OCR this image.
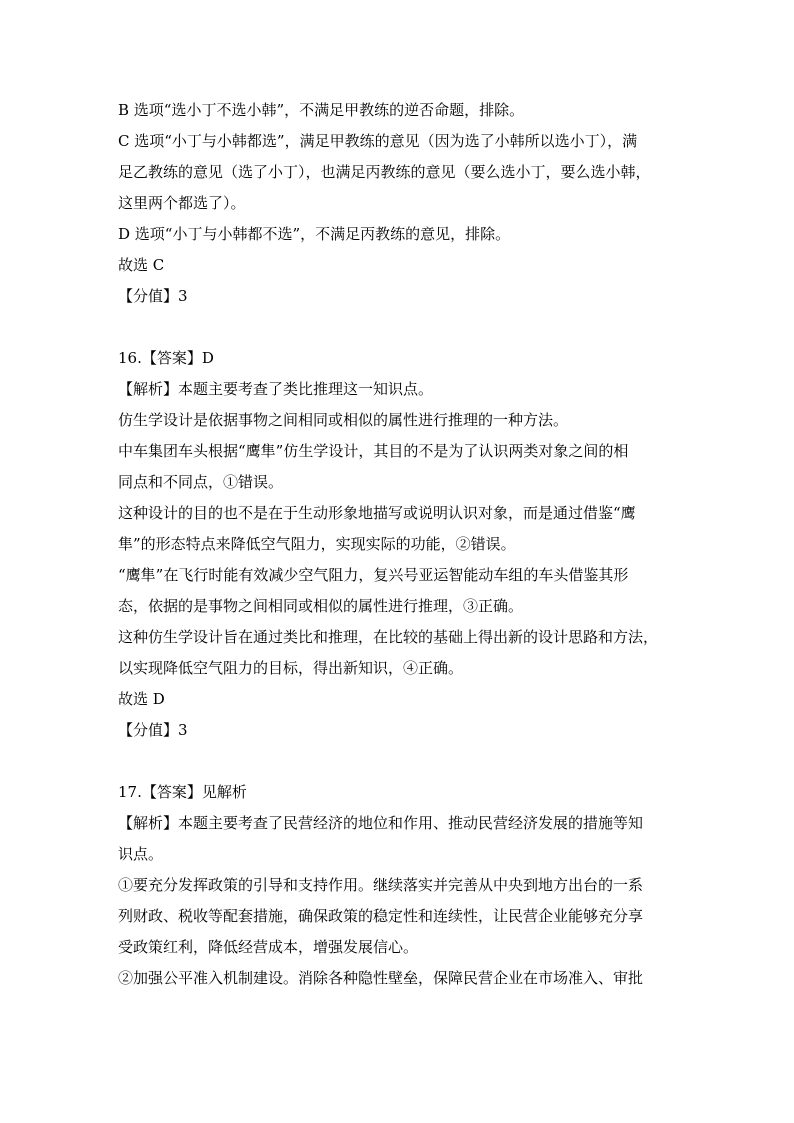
B 选项“选小丁不选小韩”，不满足甲教练的逆否命题，排除。
C 选项“小丁与小韩都选”，满足甲教练的意见（因为选了小韩所以选小丁），满
足乙教练的意见（选了小丁），也满足丙教练的意见（要么选小丁，要么选小韩，
这里两个都选了）。
D 选项“小丁与小韩都不选”，不满足丙教练的意见，排除。
故选 C
【分值】3
16.【答案】D
【解析】本题主要考查了类比推理这一知识点。
仿生学设计是依据事物之间相同或相似的属性进行推理的一种方法。
中车集团车头根据“鹰隼”仿生学设计，其目的不是为了认识两类对象之间的相
同点和不同点，①错误。
这种设计的目的也不是在于生动形象地描写或说明认识对象，而是通过借鉴“鹰
隼”的形态特点来降低空气阻力，实现实际的功能，②错误。
“鹰隼”在飞行时能有效减少空气阻力，复兴号亚运智能动车组的车头借鉴其形
态，依据的是事物之间相同或相似的属性进行推理，③正确。
这种仿生学设计旨在通过类比和推理，在比较的基础上得出新的设计思路和方法，
以实现降低空气阻力的目标，得出新知识，④正确。
故选 D
【分值】3
17.【答案】见解析
【解析】本题主要考查了民营经济的地位和作用、推动民营经济发展的措施等知
识点。
①要充分发挥政策的引导和支持作用。继续落实并完善从中央到地方出台的一系
列财政、税收等配套措施，确保政策的稳定性和连续性，让民营企业能够充分享
受政策红利，降低经营成本，增强发展信心。
②加强公平准入机制建设。消除各种隐性壁垒，保障民营企业在市场准入、审批
